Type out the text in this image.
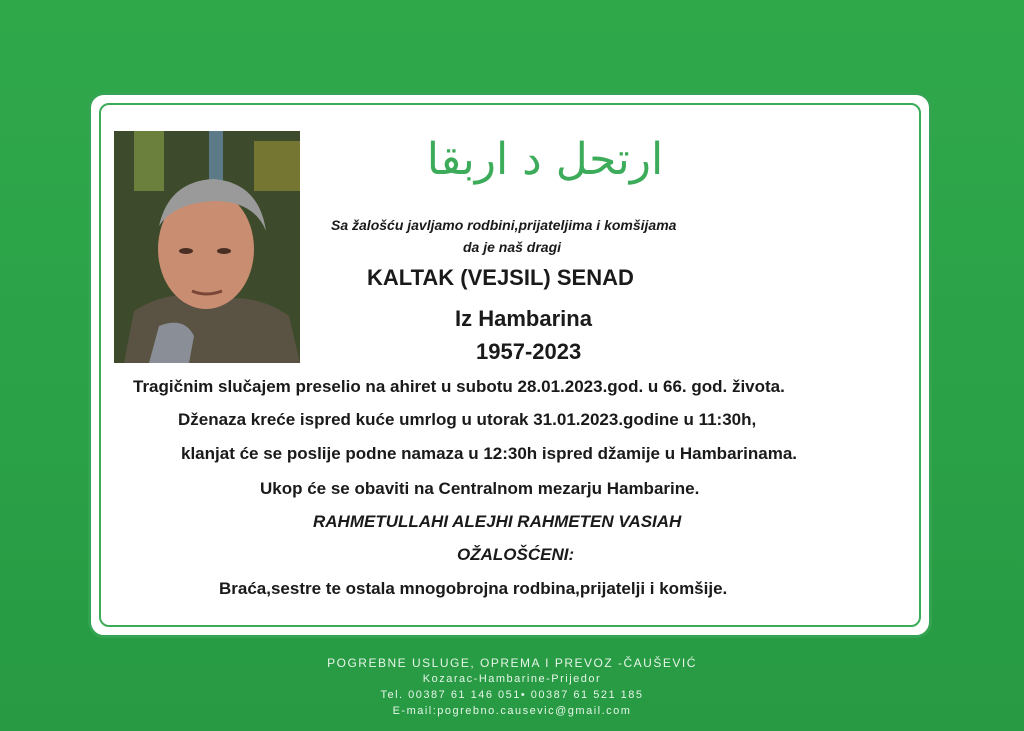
ارتحل د اربقا
Sa žalošću javljamo rodbini,prijateljima i komšijama
da je naš dragi
KALTAK (VEJSIL) SENAD
Iz Hambarina
1957-2023
Tragičnim slučajem preselio na ahiret u subotu 28.01.2023.god. u 66. god. života.
Dženaza kreće ispred kuće umrlog u utorak 31.01.2023.godine u 11:30h,
klanjat će se poslije podne namaza u 12:30h ispred džamije u Hambarinama.
Ukop će se obaviti na Centralnom mezarju Hambarine.
RAHMETULLAHI ALEJHI RAHMETEN VASIAH
OŽALOŠĆENI:
Braća,sestre te ostala mnogobrojna rodbina,prijatelji i komšije.
POGREBNE USLUGE, OPREMA I PREVOZ -ČAUŠEVIĆ
Kozarac-Hambarine-Prijedor
Tel. 00387 61 146 051• 00387 61 521 185
E-mail:pogrebno.causevic@gmail.com
